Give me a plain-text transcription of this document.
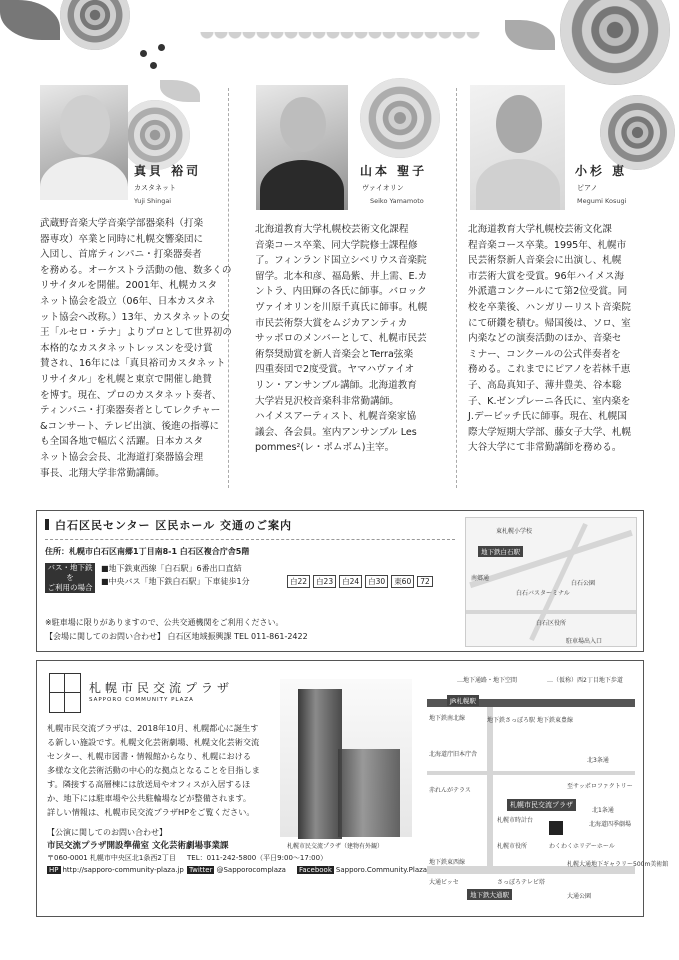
真貝 裕司
カスタネット
Yuji Shingai
武蔵野音楽大学音楽学部器楽科（打楽
器専攻）卒業と同時に札幌交響楽団に
入団し、首席ティンパニ・打楽器奏者
を務める。オーケストラ活動の他、数多くの
リサイタルを開催。2001年、札幌カスタ
ネット協会を設立（06年、日本カスタネ
ット協会へ改称。）13年、カスタネットの女
王「ルセロ・テナ」よりプロとして世界初の
本格的なカスタネットレッスンを受け賞
賛され、16年には「真貝裕司カスタネット
リサイタル」を札幌と東京で開催し絶賛
を博す。現在、プロのカスタネット奏者、
ティンパニ・打楽器奏者としてレクチャー
&コンサート、テレビ出演、後進の指導に
も全国各地で幅広く活躍。日本カスタ
ネット協会会長、北海道打楽器協会理
事長、北翔大学非常勤講師。
山本 聖子
ヴァイオリン
Seiko Yamamoto
北海道教育大学札幌校芸術文化課程
音楽コース卒業、同大学院修士課程修
了。フィンランド国立シベリウス音楽院
留学。北本和彦、福島紫、井上需、E.カ
ントラ、内田輝の各氏に師事。バロック
ヴァイオリンを川原千真氏に師事。札幌
市民芸術祭大賞をムジカアンティカ
サッポロのメンバーとして、札幌市民芸
術祭奨励賞を新人音楽会とTerra弦楽
四重奏団で2度受賞。ヤマハヴァイオ
リン・アンサンブル講師。北海道教育
大学岩見沢校音楽科非常勤講師。
ハイメスアーティスト、札幌音楽家協
議会、各会員。室内アンサンブル Les
pommes²(レ・ポムポム)主宰。
小杉 恵
ピアノ
Megumi Kosugi
北海道教育大学札幌校芸術文化課
程音楽コース卒業。1995年、札幌市
民芸術祭新人音楽会に出演し、札幌
市芸術大賞を受賞。96年ハイメス海
外派遣コンクールにて第2位受賞。同
校を卒業後、ハンガリーリスト音楽院
にて研鑽を積む。帰国後は、ソロ、室
内楽などの演奏活動のほか、音楽セ
ミナー、コンクールの公式伴奏者を
務める。これまでにピアノを若林千恵
子、高島真知子、薄井豊美、谷本聡
子、K.ゼンプレーニ各氏に、室内楽を
J.デービッチ氏に師事。現在、札幌国
際大学短期大学部、藤女子大学、札幌
大谷大学にて非常勤講師を務める。
白石区民センター 区民ホール 交通のご案内
住所：札幌市白石区南郷1丁目南8-1 白石区複合庁舎5階
バス・地下鉄を
ご利用の場合
■地下鉄東西線「白石駅」6番出口直結
■中央バス「地下鉄白石駅」下車徒歩1分	白22 白23 白24 白30 東60 72
※駐車場に限りがありますので、公共交通機関をご利用ください。
【会場に関してのお問い合わせ】 白石区地域振興課 TEL 011-861-2422
地下鉄白石駅
東札幌小学校
白石公園
白石バスターミナル
白石区役所
駐車場出入口
南郷通
札幌市民交流プラザ
SAPPORO COMMUNITY PLAZA
札幌市民交流プラザは、2018年10月、札幌都心に誕生す
る新しい施設です。札幌文化芸術劇場、札幌文化芸術交流
センター、札幌市図書・情報館からなり、札幌における
多様な文化芸術活動の中心的な拠点となることを目指しま
す。隣接する高層棟には放送局やオフィスが入居するほ
か、地下には駐車場や公共駐輪場などが整備されます。
詳しい情報は、札幌市民交流プラザHPをご覧ください。
【公演に関してのお問い合わせ】
市民交流プラザ開設準備室 文化芸術劇場事業課
〒060-0001 札幌市中央区北1条西2丁目 TEL：011-242-5800（平日9:00〜17:00）
HP http://sapporo-community-plaza.jp Twitter @Sapporocomplaza Facebook Sapporo.Community.Plaza
札幌市民交流プラザ（建物有外観）
…地下通路・地下空間	…（仮称）西2丁目地下歩道
JR札幌駅
地下鉄南北線	地下鉄さっぽろ駅 地下鉄東豊線
北海道庁旧本庁舎
赤れんがテラス
北3条通
至サッポロファクトリー
札幌市民交流プラザ
札幌市時計台
北1条通
北海道四季劇場
札幌市役所	わくわくホリデーホール
札幌大通地下ギャラリー500m美術館
地下鉄東西線
大通ビッセ	さっぽろテレビ塔
地下鉄大通駅	大通公園
